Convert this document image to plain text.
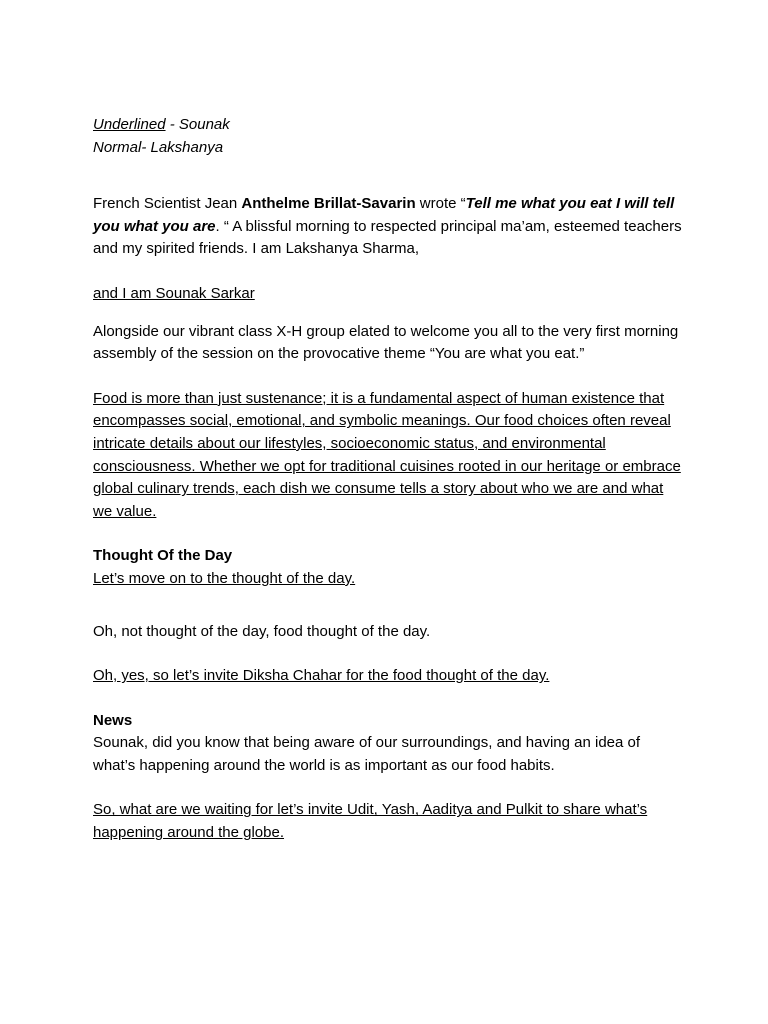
Underlined - Sounak

Normal- Lakshanya

French Scientist Jean Anthelme Brillat-Savarin wrote “Tell me what you eat I will tell you what you are. “ A blissful morning to respected principal ma’am, esteemed teachers and my spirited friends. I am Lakshanya Sharma,

and I am Sounak Sarkar

Alongside our vibrant class X-H group elated to welcome you all to the very first morning assembly of the session on the provocative theme “You are what you eat.”

Food is more than just sustenance; it is a fundamental aspect of human existence that encompasses social, emotional, and symbolic meanings. Our food choices often reveal intricate details about our lifestyles, socioeconomic status, and environmental consciousness. Whether we opt for traditional cuisines rooted in our heritage or embrace global culinary trends, each dish we consume tells a story about who we are and what we value.

Thought Of the Day

Let’s move on to the thought of the day.

Oh, not thought of the day, food thought of the day.

Oh, yes, so let’s invite Diksha Chahar for the food thought of the day.

News

Sounak, did you know that being aware of our surroundings, and having an idea of what’s happening around the world is as important as our food habits.

So, what are we waiting for let’s invite Udit, Yash, Aaditya and Pulkit to share what’s happening around the globe.
